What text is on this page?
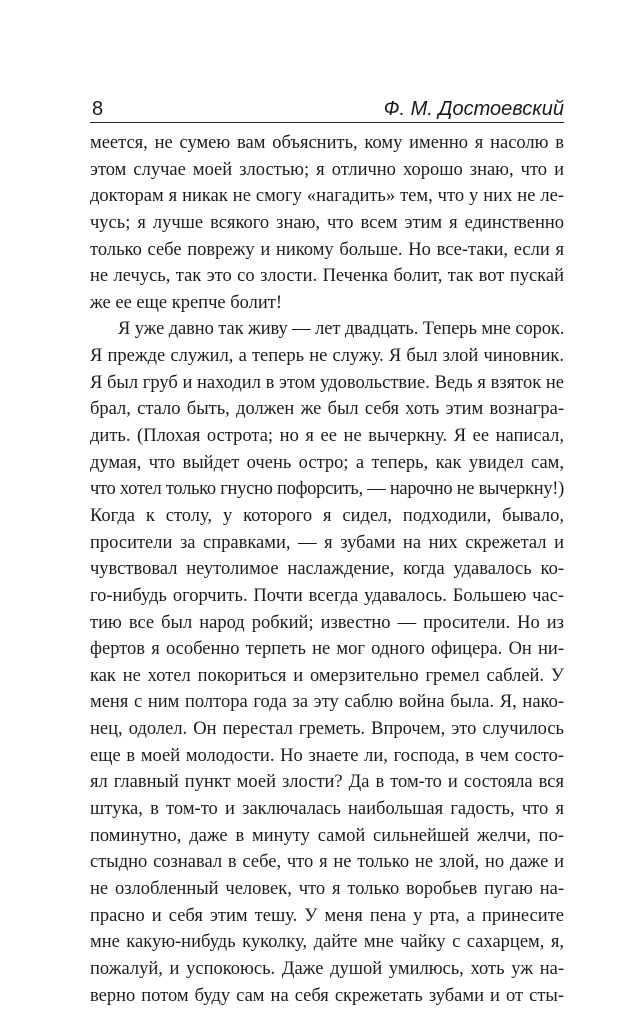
8	Ф. М. Достоевский
меется, не сумею вам объяснить, кому именно я насолю в
этом случае моей злостью; я отлично хорошо знаю, что и
докторам я никак не смогу «нагадить» тем, что у них не ле-
чусь; я лучше всякого знаю, что всем этим я единственно
только себе поврежу и никому больше. Но все-таки, если я
не лечусь, так это со злости. Печенка болит, так вот пускай
же ее еще крепче болит!
Я уже давно так живу — лет двадцать. Теперь мне сорок.
Я прежде служил, а теперь не служу. Я был злой чиновник.
Я был груб и находил в этом удовольствие. Ведь я взяток не
брал, стало быть, должен же был себя хоть этим вознагра-
дить. (Плохая острота; но я ее не вычеркну. Я ее написал,
думая, что выйдет очень остро; а теперь, как увидел сам,
что хотел только гнусно пофорсить, — нарочно не вычеркну!)
Когда к столу, у которого я сидел, подходили, бывало,
просители за справками, — я зубами на них скрежетал и
чувствовал неутолимое наслаждение, когда удавалось ко-
го-нибудь огорчить. Почти всегда удавалось. Большею час-
тию все был народ робкий; известно — просители. Но из
фертов я особенно терпеть не мог одного офицера. Он ни-
как не хотел покориться и омерзительно гремел саблей. У
меня с ним полтора года за эту саблю война была. Я, нако-
нец, одолел. Он перестал греметь. Впрочем, это случилось
еще в моей молодости. Но знаете ли, господа, в чем состо-
ял главный пункт моей злости? Да в том-то и состояла вся
штука, в том-то и заключалась наибольшая гадость, что я
поминутно, даже в минуту самой сильнейшей желчи, по-
стыдно сознавал в себе, что я не только не злой, но даже и
не озлобленный человек, что я только воробьев пугаю на-
прасно и себя этим тешу. У меня пена у рта, а принесите
мне какую-нибудь куколку, дайте мне чайку с сахарцем, я,
пожалуй, и успокоюсь. Даже душой умилюсь, хоть уж на-
верно потом буду сам на себя скрежетать зубами и от сты-
